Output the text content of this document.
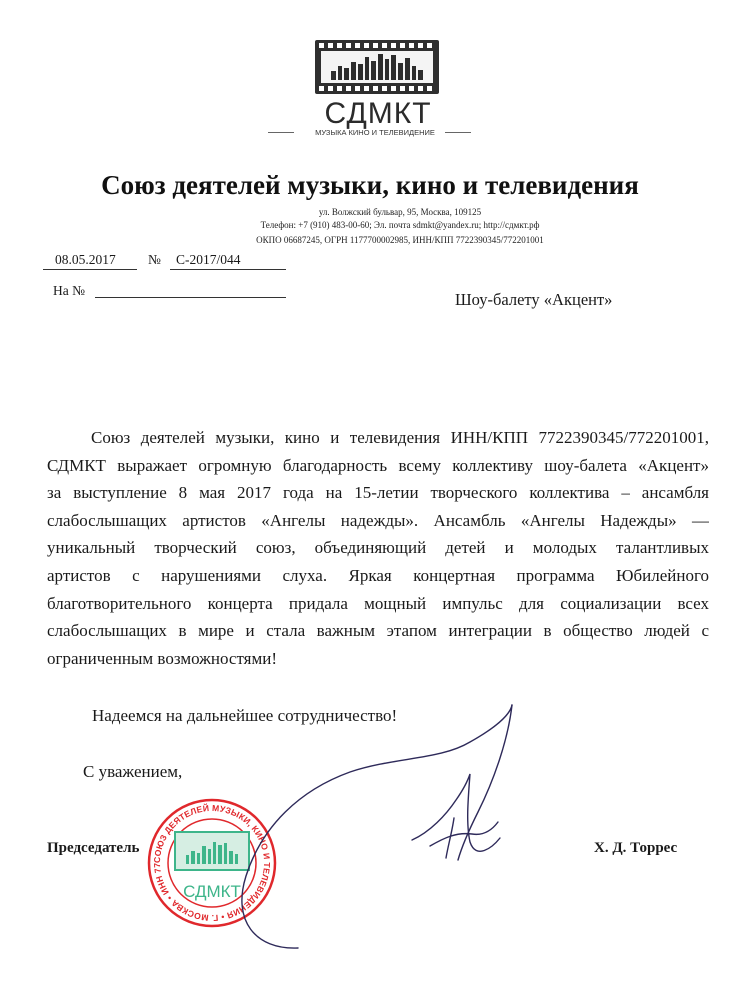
СДМКТ
МУЗЫКА КИНО И ТЕЛЕВИДЕНИЕ
Союз деятелей музыки, кино и телевидения
ул. Волжский бульвар, 95, Москва, 109125
Телефон: +7 (910) 483-00-60; Эл. почта sdmkt@yandex.ru; http://сдмкт.рф
ОКПО 06687245, ОГРН 1177700002985, ИНН/КПП 7722390345/772201001
08.05.2017 № С-2017/044
На №	Шоу-балету «Акцент»
Союз деятелей музыки, кино и телевидения ИНН/КПП 7722390345/772201001,
СДМКТ выражает огромную благодарность всему коллективу шоу-балета «Акцент»
за выступление 8 мая 2017 года на 15-летии творческого коллектива – ансамбля
слабослышащих артистов «Ангелы надежды». Ансамбль «Ангелы Надежды» —
уникальный творческий союз, объединяющий детей и молодых талантливых
артистов с нарушениями слуха. Яркая концертная программа Юбилейного
благотворительного концерта придала мощный импульс для социализации всех
слабослышащих в мире и стала важным этапом интеграции в общество людей с
ограниченным возможностями!
Надеемся на дальнейшее сотрудничество!
С уважением,
Председатель
СОЮЗ ДЕЯТЕЛЕЙ МУЗЫКИ, КИНО И ТЕЛЕВИДЕНИЯ • Г. МОСКВА • ИНН 77
СДМКТ
Х. Д. Торрес
